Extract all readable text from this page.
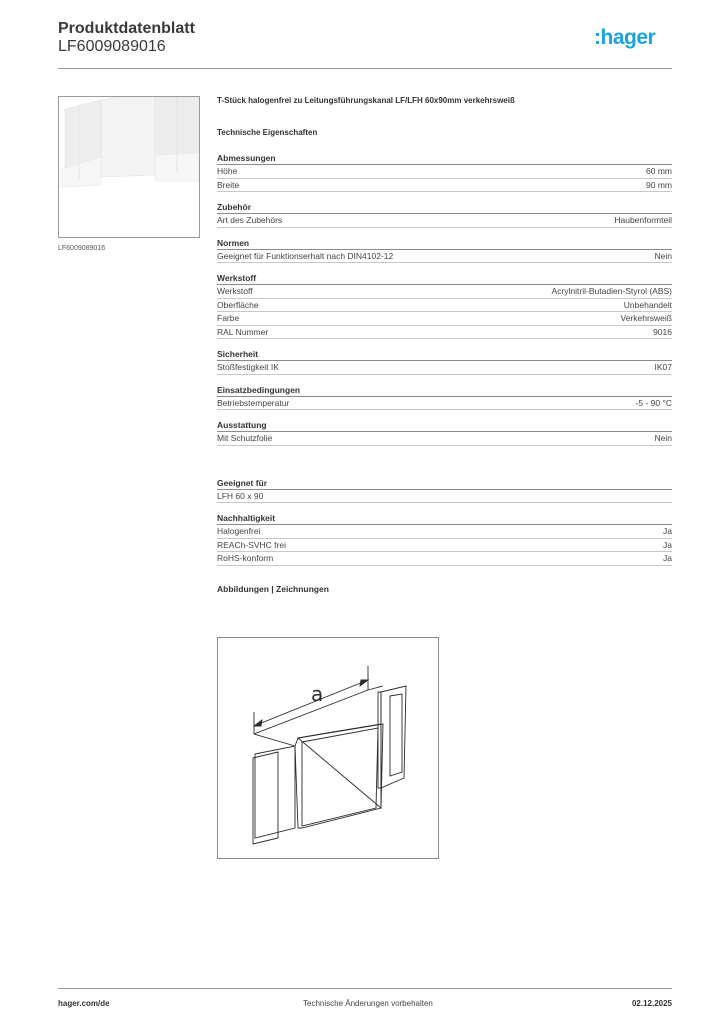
Produktdatenblatt
LF6009089016	:hager
LF6009089016
T-Stück halogenfrei zu Leitungsführungskanal LF/LFH 60x90mm verkehrsweiß
Technische Eigenschaften
Abmessungen
Höhe	60 mm
Breite	90 mm
Zubehör
Art des Zubehörs	Haubenformteil
Normen
Geeignet für Funktionserhalt nach DIN4102-12	Nein
Werkstoff
Werkstoff	Acrylnitril-Butadien-Styrol (ABS)
Oberfläche	Unbehandelt
Farbe	Verkehrsweiß
RAL Nummer	9016
Sicherheit
Stoßfestigkeit IK	IK07
Einsatzbedingungen
Betriebstemperatur	-5 - 90 °C
Ausstattung
Mit Schutzfolie	Nein
Geeignet für
LFH 60 x 90
Nachhaltigkeit
Halogenfrei	Ja
REACh-SVHC frei	Ja
RoHS-konform	Ja
Abbildungen | Zeichnungen
a
hager.com/de	Technische Änderungen vorbehalten	02.12.2025
